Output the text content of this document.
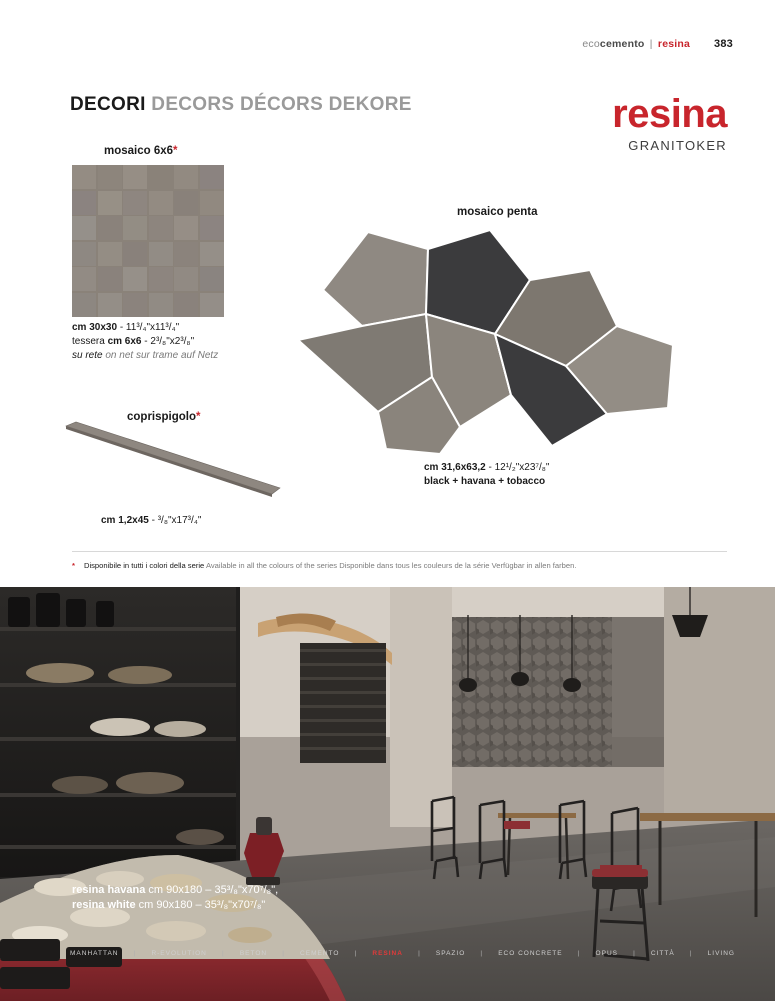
ecocemento | resina 383
DECORI DECORS DÉCORS DEKORE	resina
GRANITOKER
mosaico 6x6*
cm 30x30 - 11³/₄"x11³/₄"
tessera cm 6x6 - 2³/₈"x2³/₈"
su rete on net sur trame auf Netz
coprispigolo*
cm 1,2x45 - ³/₈"x17³/₄"
mosaico penta
cm 31,6x63,2 - 12¹/₂"x23⁷/₈"
black + havana + tobacco
* Disponibile in tutti i colori della serie Available in all the colours of the series Disponible dans tous les couleurs de la série Verfügbar in allen farben.
resina havana cm 90x180 – 35³/₈"x70⁷/₈",
resina white cm 90x180 – 35³/₈"x70⁷/₈"
MANHATTAN	|	R-EVOLUTION	|	BETON	|	CEMENTO	|	RESINA	|	SPAZIO	|	ECO CONCRETE	|	OPUS	|	CITTÀ	|	LIVING
